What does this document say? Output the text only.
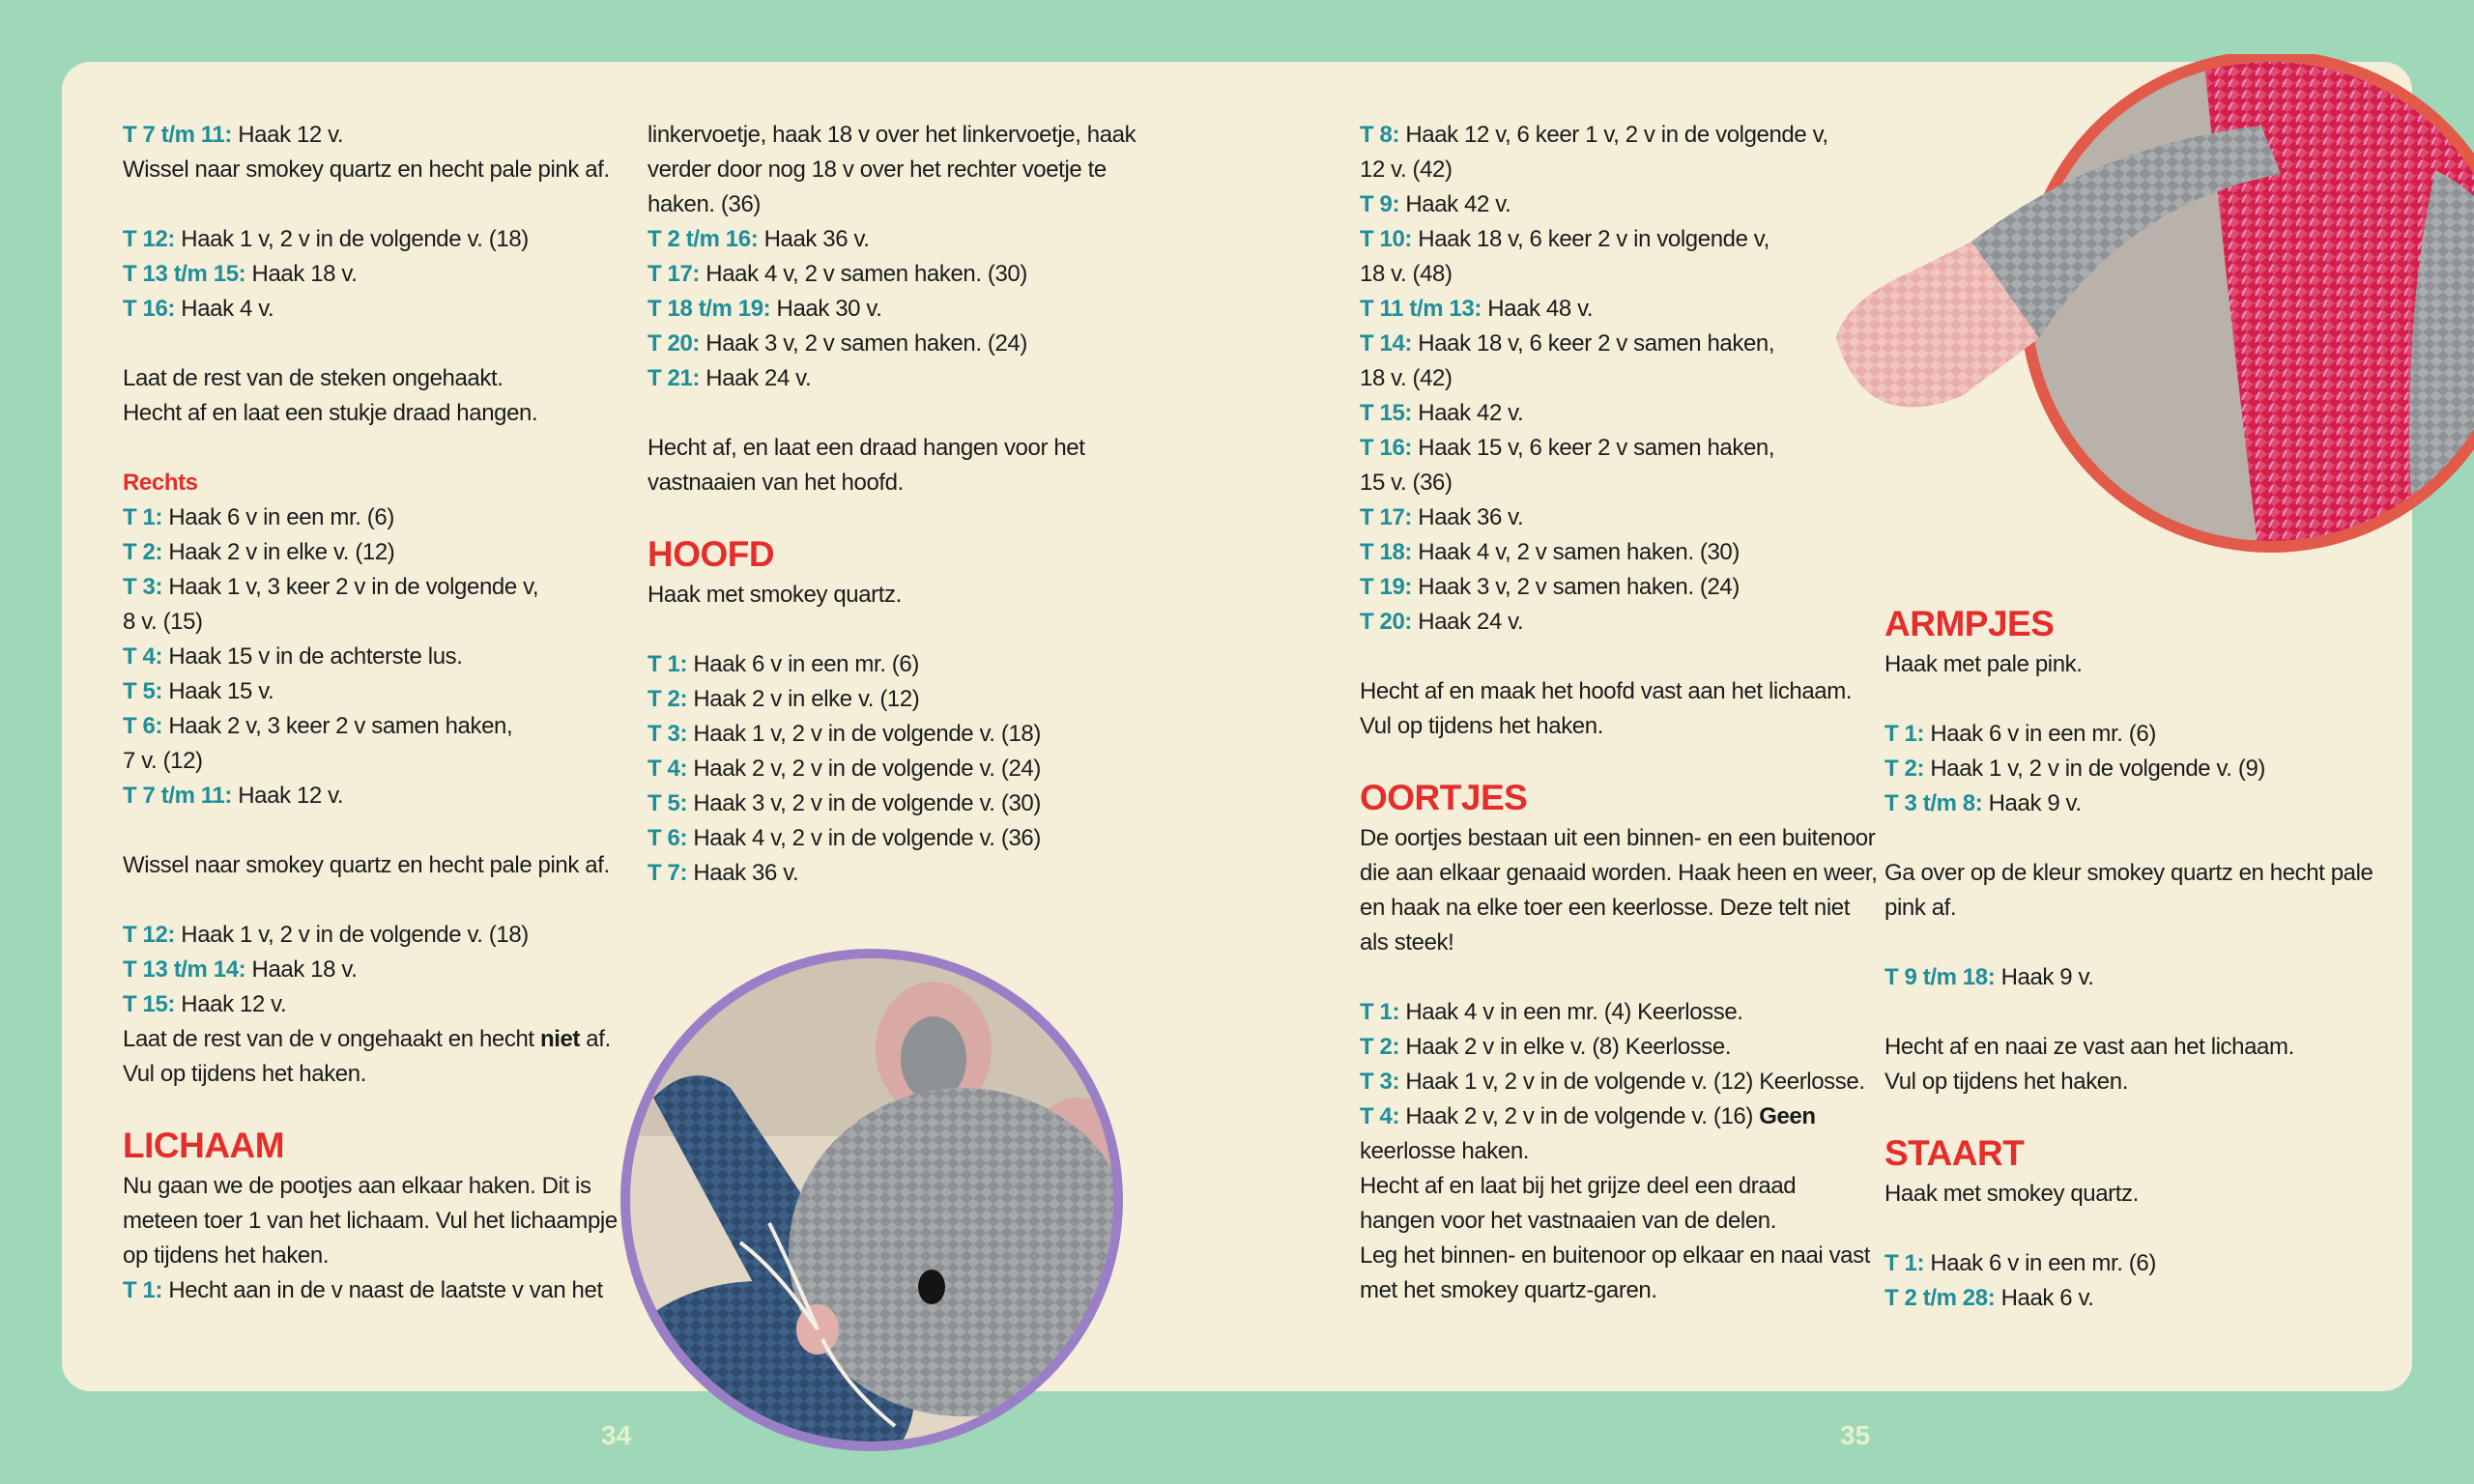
T 7 t/m 11: Haak 12 v.
Wissel naar smokey quartz en hecht pale pink af.
T 12: Haak 1 v, 2 v in de volgende v. (18)
T 13 t/m 15: Haak 18 v.
T 16: Haak 4 v.
Laat de rest van de steken ongehaakt.
Hecht af en laat een stukje draad hangen.
Rechts
T 1: Haak 6 v in een mr. (6)
T 2: Haak 2 v in elke v. (12)
T 3: Haak 1 v, 3 keer 2 v in de volgende v,
8 v. (15)
T 4: Haak 15 v in de achterste lus.
T 5: Haak 15 v.
T 6: Haak 2 v, 3 keer 2 v samen haken,
7 v. (12)
T 7 t/m 11: Haak 12 v.
Wissel naar smokey quartz en hecht pale pink af.
T 12: Haak 1 v, 2 v in de volgende v. (18)
T 13 t/m 14: Haak 18 v.
T 15: Haak 12 v.
Laat de rest van de v ongehaakt en hecht niet af.
Vul op tijdens het haken.
LICHAAM
Nu gaan we de pootjes aan elkaar haken. Dit is
meteen toer 1 van het lichaam. Vul het lichaampje
op tijdens het haken.
T 1: Hecht aan in de v naast de laatste v van het
linkervoetje, haak 18 v over het linkervoetje, haak
verder door nog 18 v over het rechter voetje te
haken. (36)
T 2 t/m 16: Haak 36 v.
T 17: Haak 4 v, 2 v samen haken. (30)
T 18 t/m 19: Haak 30 v.
T 20: Haak 3 v, 2 v samen haken. (24)
T 21: Haak 24 v.
Hecht af, en laat een draad hangen voor het
vastnaaien van het hoofd.
HOOFD
Haak met smokey quartz.
T 1: Haak 6 v in een mr. (6)
T 2: Haak 2 v in elke v. (12)
T 3: Haak 1 v, 2 v in de volgende v. (18)
T 4: Haak 2 v, 2 v in de volgende v. (24)
T 5: Haak 3 v, 2 v in de volgende v. (30)
T 6: Haak 4 v, 2 v in de volgende v. (36)
T 7: Haak 36 v.
T 8: Haak 12 v, 6 keer 1 v, 2 v in de volgende v,
12 v. (42)
T 9: Haak 42 v.
T 10: Haak 18 v, 6 keer 2 v in volgende v,
18 v. (48)
T 11 t/m 13: Haak 48 v.
T 14: Haak 18 v, 6 keer 2 v samen haken,
18 v. (42)
T 15: Haak 42 v.
T 16: Haak 15 v, 6 keer 2 v samen haken,
15 v. (36)
T 17: Haak 36 v.
T 18: Haak 4 v, 2 v samen haken. (30)
T 19: Haak 3 v, 2 v samen haken. (24)
T 20: Haak 24 v.
Hecht af en maak het hoofd vast aan het lichaam.
Vul op tijdens het haken.
OORTJES
De oortjes bestaan uit een binnen- en een buitenoor
die aan elkaar genaaid worden. Haak heen en weer,
en haak na elke toer een keerlosse. Deze telt niet
als steek!
T 1: Haak 4 v in een mr. (4) Keerlosse.
T 2: Haak 2 v in elke v. (8) Keerlosse.
T 3: Haak 1 v, 2 v in de volgende v. (12) Keerlosse.
T 4: Haak 2 v, 2 v in de volgende v. (16) Geen
keerlosse haken.
Hecht af en laat bij het grijze deel een draad
hangen voor het vastnaaien van de delen.
Leg het binnen- en buitenoor op elkaar en naai vast
met het smokey quartz-garen.
ARMPJES
Haak met pale pink.
T 1: Haak 6 v in een mr. (6)
T 2: Haak 1 v, 2 v in de volgende v. (9)
T 3 t/m 8: Haak 9 v.
Ga over op de kleur smokey quartz en hecht pale
pink af.
T 9 t/m 18: Haak 9 v.
Hecht af en naai ze vast aan het lichaam.
Vul op tijdens het haken.
STAART
Haak met smokey quartz.
T 1: Haak 6 v in een mr. (6)
T 2 t/m 28: Haak 6 v.
34	35
